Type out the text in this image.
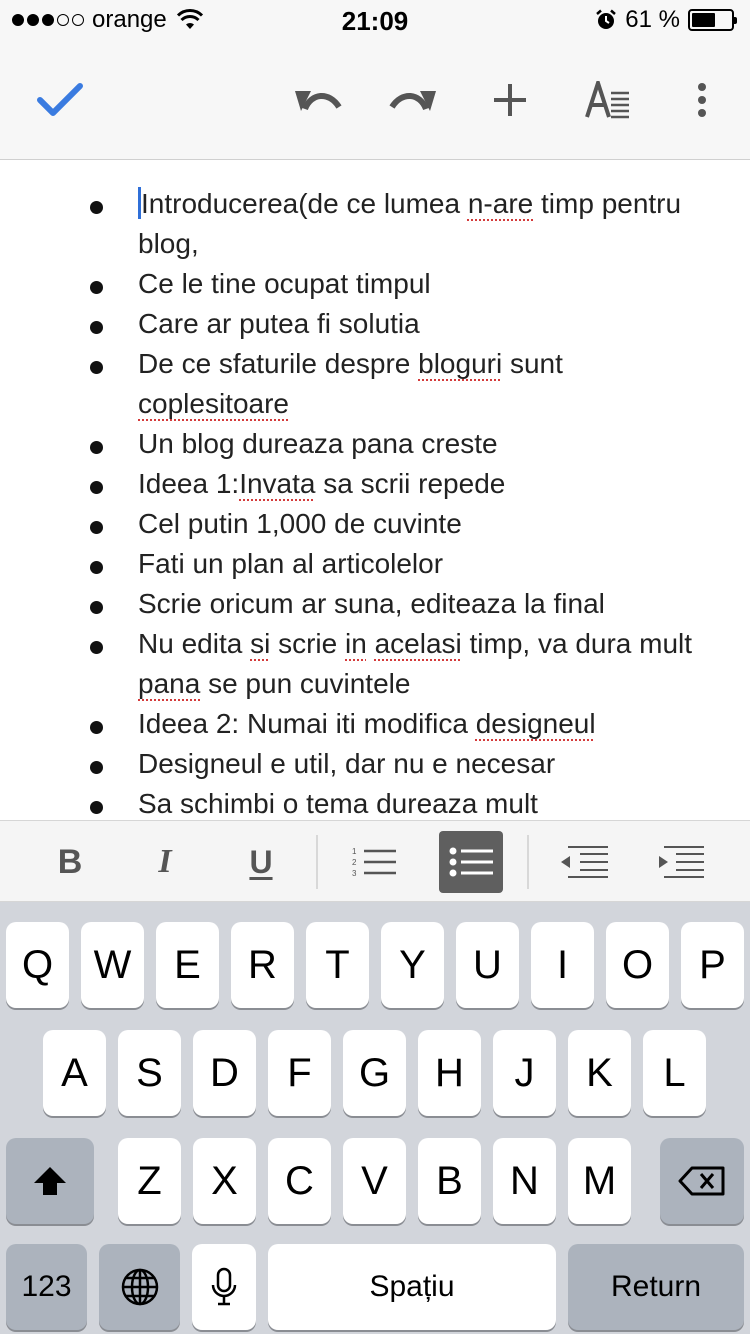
orange	21:09	61 %
Introducerea(de ce lumea n-are timp pentru blog,
Ce le tine ocupat timpul
Care ar putea fi solutia
De ce sfaturile despre bloguri sunt coplesitoare
Un blog dureaza pana creste
Ideea 1:Invata sa scrii repede
Cel putin 1,000 de cuvinte
Fati un plan al articolelor
Scrie oricum ar suna, editeaza la final
Nu edita si scrie in acelasi timp, va dura mult pana se pun cuvintele
Ideea 2: Numai iti modifica designeul
Designeul e util, dar nu e necesar
Sa schimbi o tema dureaza mult
B I U	1
2
3
Q	W	E	R	T	Y	U	I	O	P
A	S	D	F	G	H	J	K	L
Z	X	C	V	B	N	M
123	Spațiu	Return
